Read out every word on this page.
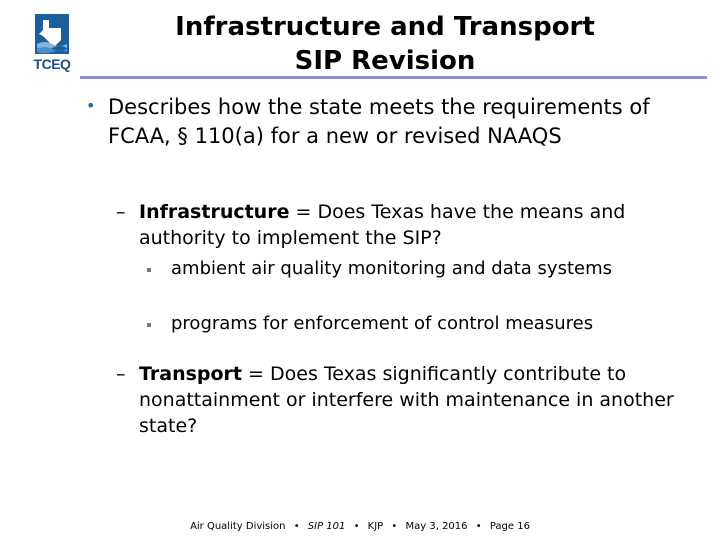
TCEQ
Infrastructure and Transport
SIP Revision
• Describes how the state meets the requirements of FCAA, § 110(a) for a new or revised NAAQS
– Infrastructure = Does Texas have the means and authority to implement the SIP?
ambient air quality monitoring and data systems
programs for enforcement of control measures
– Transport = Does Texas significantly contribute to nonattainment or interfere with maintenance in another state?
Air Quality Division • SIP 101 • KJP • May 3, 2016 • Page 16
